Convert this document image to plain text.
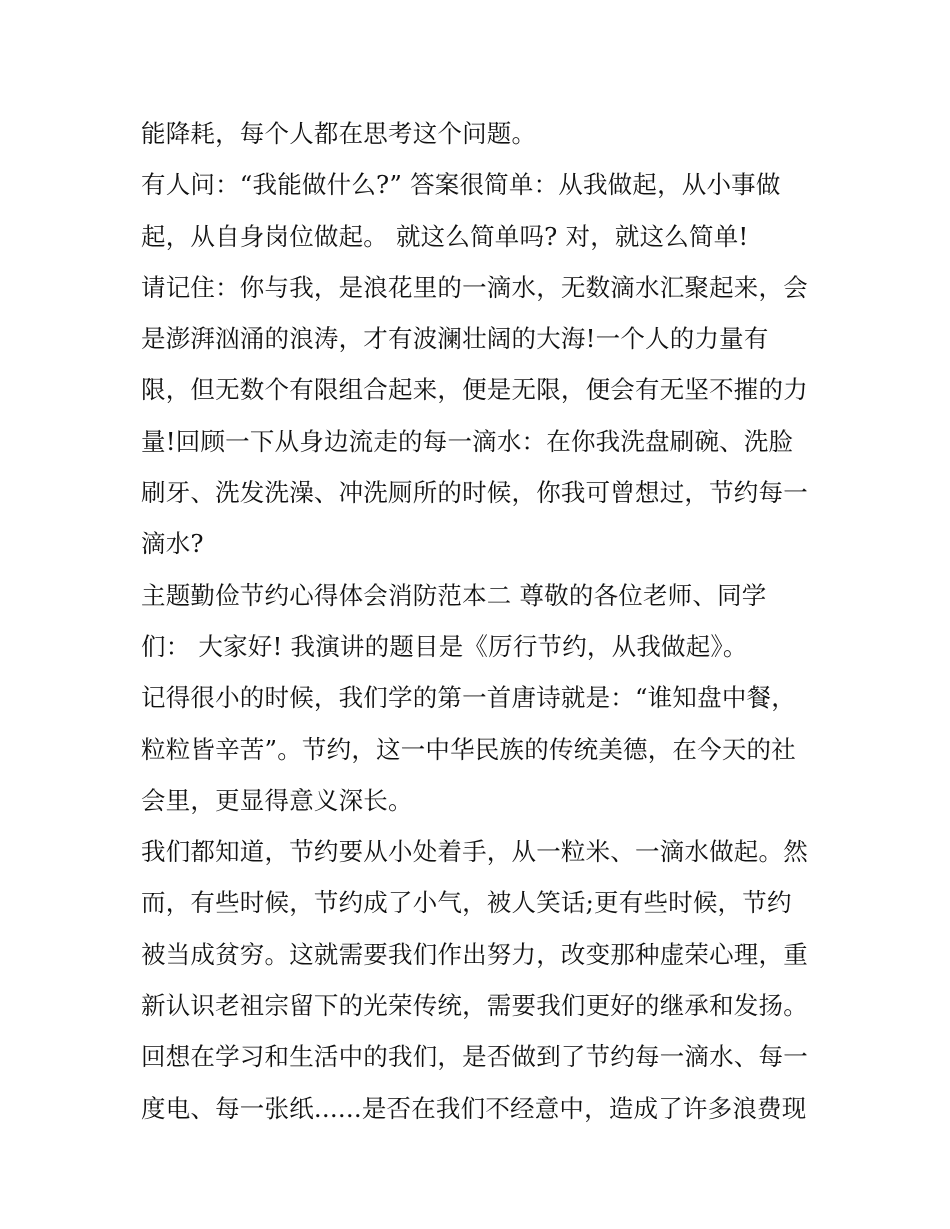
能降耗，每个人都在思考这个问题。
有人问：“我能做什么?” 答案很简单：从我做起，从小事做
起，从自身岗位做起。 就这么简单吗? 对，就这么简单!
请记住：你与我，是浪花里的一滴水，无数滴水汇聚起来，会
是澎湃汹涌的浪涛，才有波澜壮阔的大海!一个人的力量有
限，但无数个有限组合起来，便是无限，便会有无坚不摧的力
量!回顾一下从身边流走的每一滴水：在你我洗盘刷碗、洗脸
刷牙、洗发洗澡、冲洗厕所的时候，你我可曾想过，节约每一
滴水?
主题勤俭节约心得体会消防范本二 尊敬的各位老师、同学
们： 大家好! 我演讲的题目是《厉行节约，从我做起》。
记得很小的时候，我们学的第一首唐诗就是：“谁知盘中餐，
粒粒皆辛苦”。节约，这一中华民族的传统美德，在今天的社
会里，更显得意义深长。
我们都知道，节约要从小处着手，从一粒米、一滴水做起。然
而，有些时候，节约成了小气，被人笑话;更有些时候，节约
被当成贫穷。这就需要我们作出努力，改变那种虚荣心理，重
新认识老祖宗留下的光荣传统，需要我们更好的继承和发扬。
回想在学习和生活中的我们，是否做到了节约每一滴水、每一
度电、每一张纸......是否在我们不经意中，造成了许多浪费现
